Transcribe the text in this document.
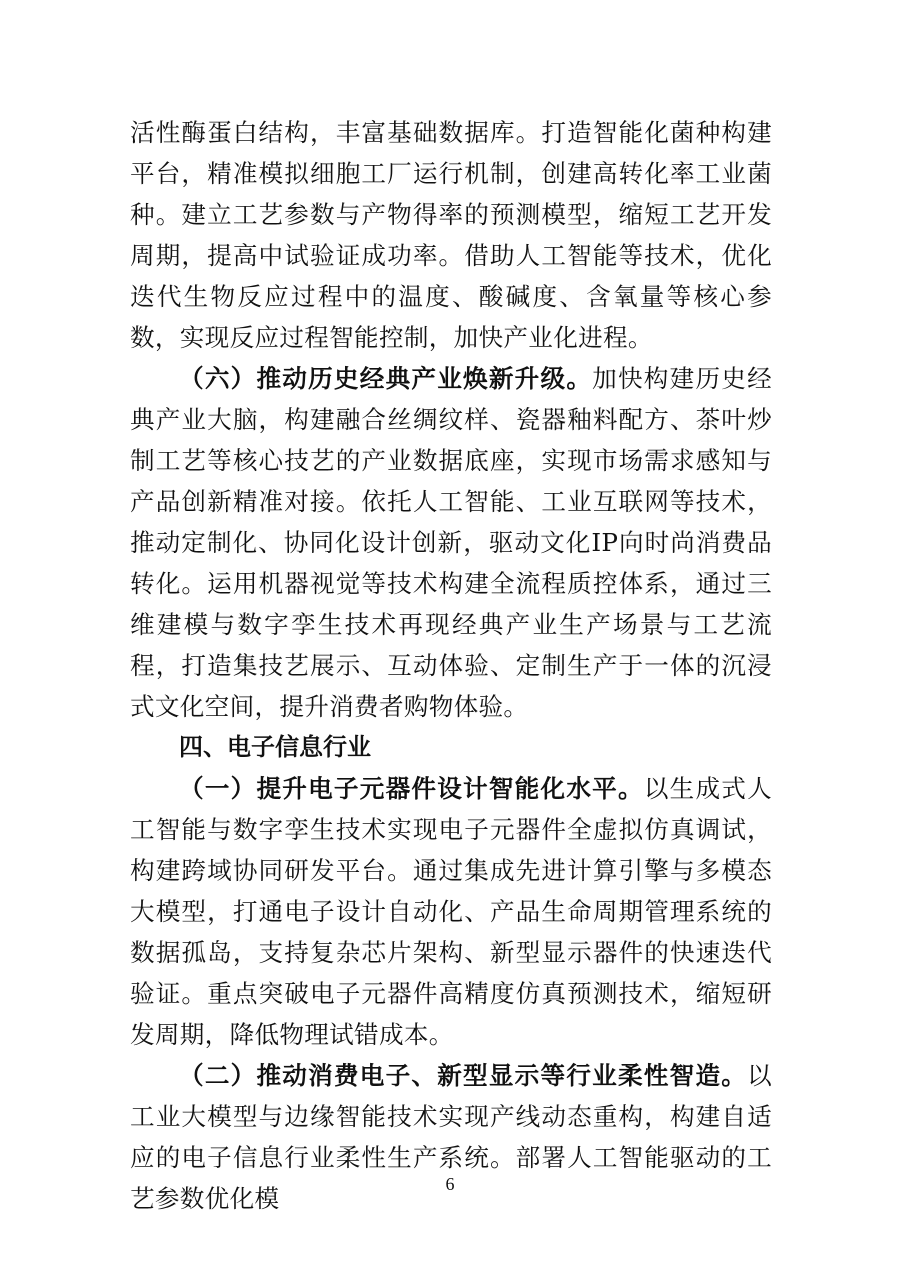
活性酶蛋白结构，丰富基础数据库。打造智能化菌种构建平台，精准模拟细胞工厂运行机制，创建高转化率工业菌种。建立工艺参数与产物得率的预测模型，缩短工艺开发周期，提高中试验证成功率。借助人工智能等技术，优化迭代生物反应过程中的温度、酸碱度、含氧量等核心参数，实现反应过程智能控制，加快产业化进程。

（六）推动历史经典产业焕新升级。加快构建历史经典产业大脑，构建融合丝绸纹样、瓷器釉料配方、茶叶炒制工艺等核心技艺的产业数据底座，实现市场需求感知与产品创新精准对接。依托人工智能、工业互联网等技术，推动定制化、协同化设计创新，驱动文化IP向时尚消费品转化。运用机器视觉等技术构建全流程质控体系，通过三维建模与数字孪生技术再现经典产业生产场景与工艺流程，打造集技艺展示、互动体验、定制生产于一体的沉浸式文化空间，提升消费者购物体验。

四、电子信息行业

（一）提升电子元器件设计智能化水平。以生成式人工智能与数字孪生技术实现电子元器件全虚拟仿真调试，构建跨域协同研发平台。通过集成先进计算引擎与多模态大模型，打通电子设计自动化、产品生命周期管理系统的数据孤岛，支持复杂芯片架构、新型显示器件的快速迭代验证。重点突破电子元器件高精度仿真预测技术，缩短研发周期，降低物理试错成本。

（二）推动消费电子、新型显示等行业柔性智造。以工业大模型与边缘智能技术实现产线动态重构，构建自适应的电子信息行业柔性生产系统。部署人工智能驱动的工艺参数优化模	6
